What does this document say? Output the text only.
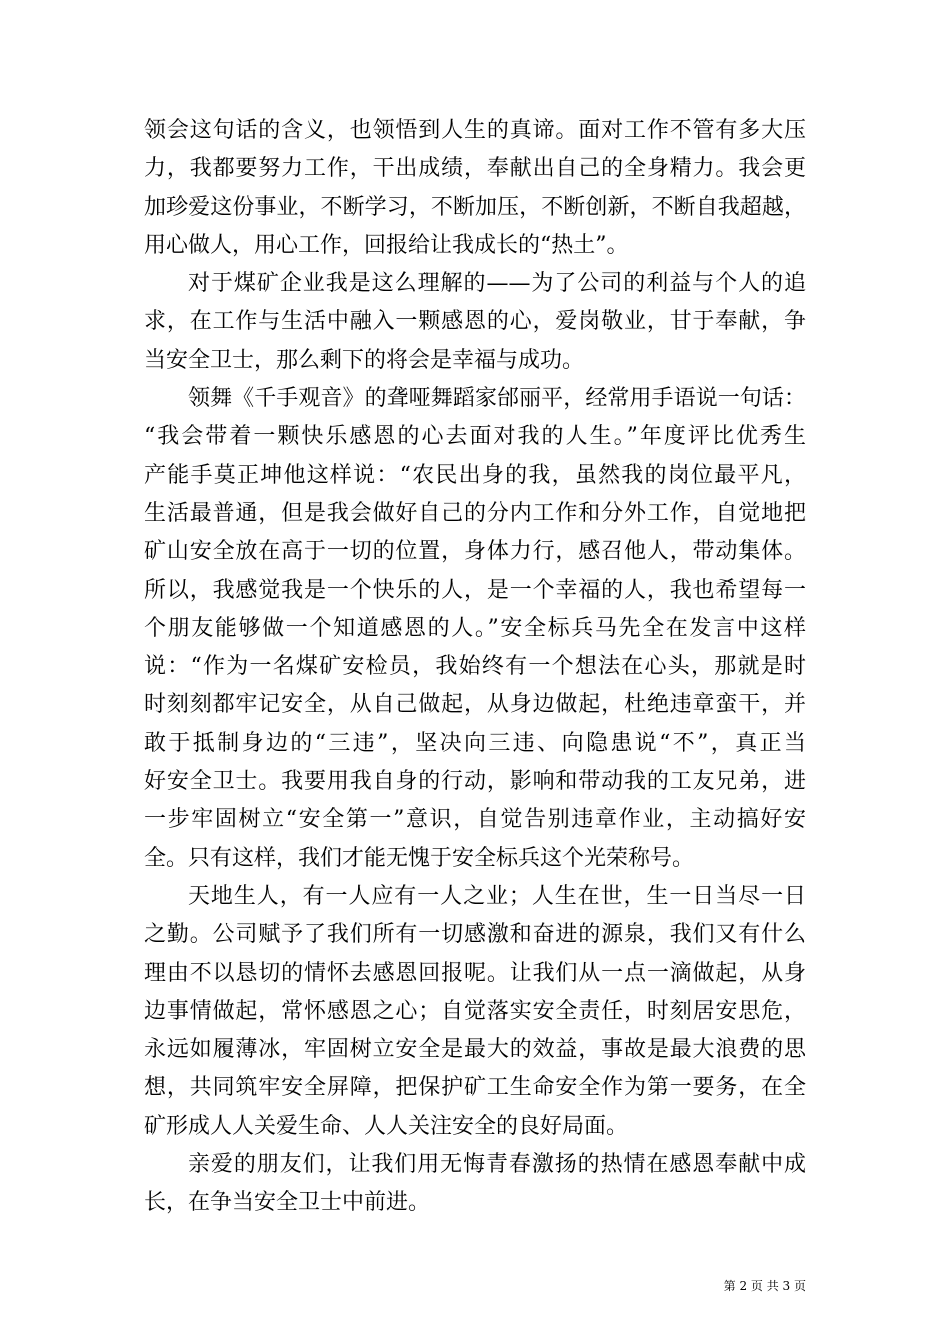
领会这句话的含义，也领悟到人生的真谛。面对工作不管有多大压
力，我都要努力工作，干出成绩，奉献出自己的全身精力。我会更
加珍爱这份事业，不断学习，不断加压，不断创新，不断自我超越，
用心做人，用心工作，回报给让我成长的“热土”。
对于煤矿企业我是这么理解的——为了公司的利益与个人的追
求，在工作与生活中融入一颗感恩的心，爱岗敬业，甘于奉献，争
当安全卫士，那么剩下的将会是幸福与成功。
领舞《千手观音》的聋哑舞蹈家邰丽平，经常用手语说一句话：
“我会带着一颗快乐感恩的心去面对我的人生。”年度评比优秀生
产能手莫正坤他这样说：“农民出身的我，虽然我的岗位最平凡，
生活最普通，但是我会做好自己的分内工作和分外工作，自觉地把
矿山安全放在高于一切的位置，身体力行，感召他人，带动集体。
所以，我感觉我是一个快乐的人，是一个幸福的人，我也希望每一
个朋友能够做一个知道感恩的人。”安全标兵马先全在发言中这样
说：“作为一名煤矿安检员，我始终有一个想法在心头，那就是时
时刻刻都牢记安全，从自己做起，从身边做起，杜绝违章蛮干，并
敢于抵制身边的“三违”，坚决向三违、向隐患说“不”，真正当
好安全卫士。我要用我自身的行动，影响和带动我的工友兄弟，进
一步牢固树立“安全第一”意识，自觉告别违章作业，主动搞好安
全。只有这样，我们才能无愧于安全标兵这个光荣称号。
天地生人，有一人应有一人之业；人生在世，生一日当尽一日
之勤。公司赋予了我们所有一切感激和奋进的源泉，我们又有什么
理由不以恳切的情怀去感恩回报呢。让我们从一点一滴做起，从身
边事情做起，常怀感恩之心；自觉落实安全责任，时刻居安思危，
永远如履薄冰，牢固树立安全是最大的效益，事故是最大浪费的思
想，共同筑牢安全屏障，把保护矿工生命安全作为第一要务，在全
矿形成人人关爱生命、人人关注安全的良好局面。
亲爱的朋友们，让我们用无悔青春激扬的热情在感恩奉献中成
长，在争当安全卫士中前进。
第 2 页 共 3 页
